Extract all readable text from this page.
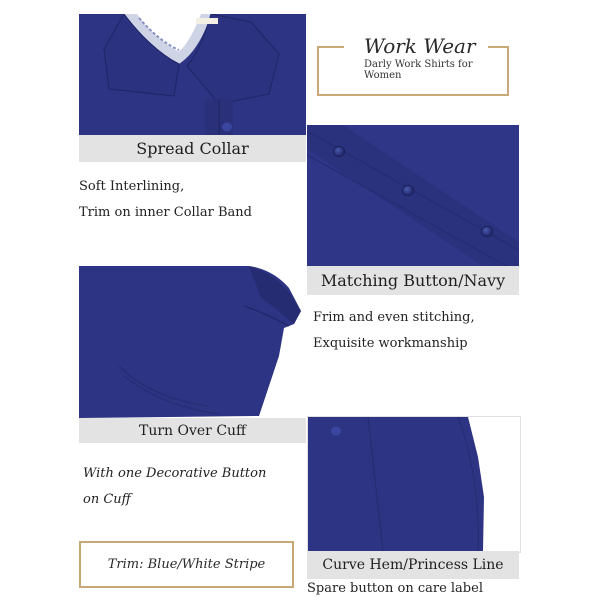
Spread Collar
Soft Interlining,
Trim on inner Collar Band
Work Wear
Darly Work Shirts for Women
Matching Button/Navy
Frim and even stitching,
Exquisite workmanship
Turn Over Cuff
With one Decorative Button
on Cuff
Curve Hem/Princess Line
Spare button on care label
Trim: Blue/White Stripe
